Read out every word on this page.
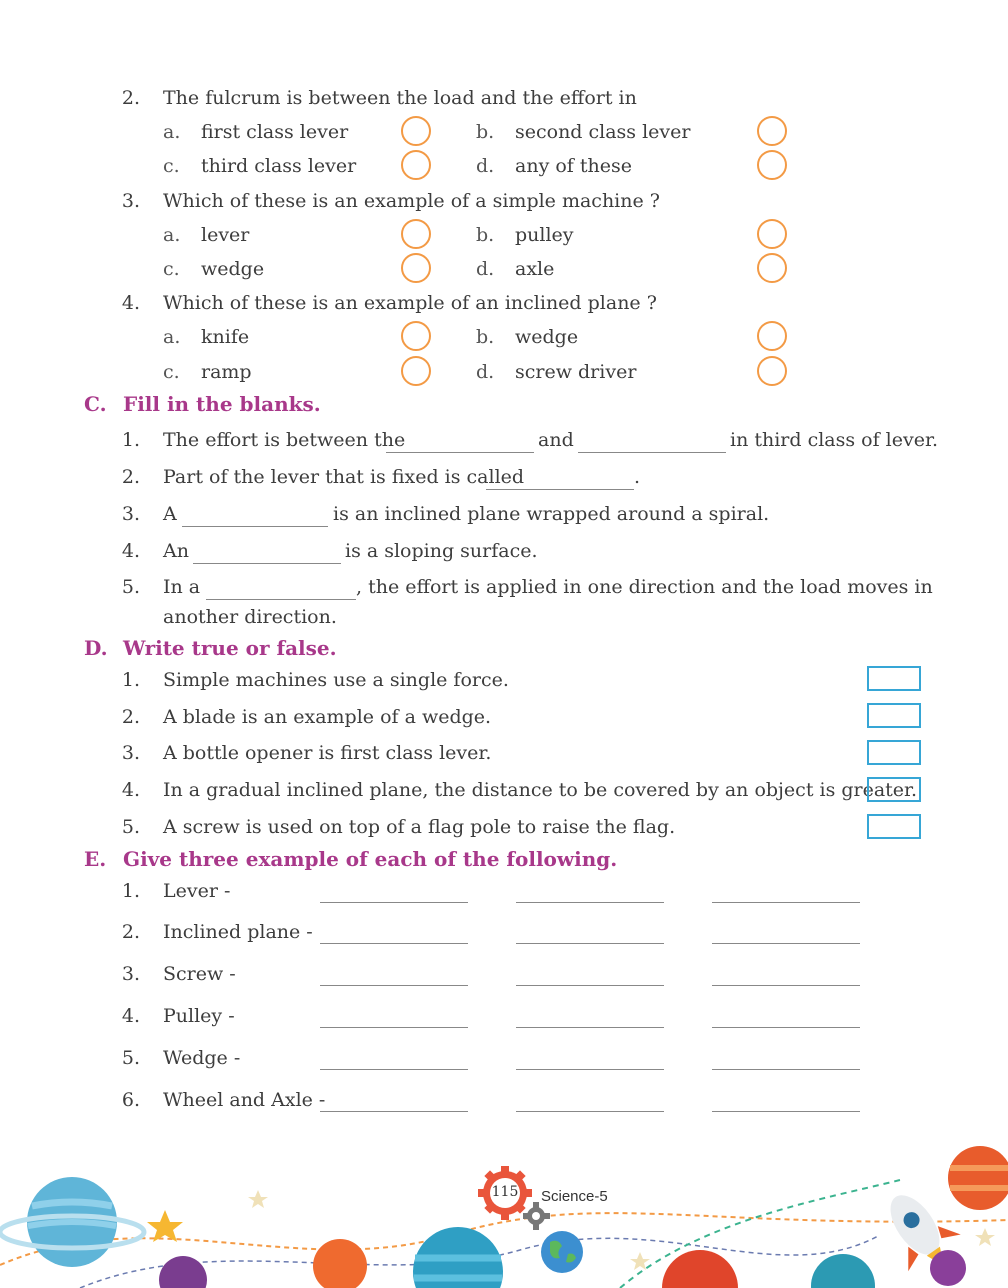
2. The fulcrum is between the load and the effort in
a. first class lever	b. second class lever
c. third class lever	d. any of these
3. Which of these is an example of a simple machine ?
a. lever	b. pulley
c. wedge	d. axle
4. Which of these is an example of an inclined plane ?
a. knife	b. wedge
c. ramp	d. screw driver
C. Fill in the blanks.
1. The effort is between the	and	in third class of lever.
2. Part of the lever that is fixed is called	.
3. A	is an inclined plane wrapped around a spiral.
4. An	is a sloping surface.
5. In a	, the effort is applied in one direction and the load moves in
another direction.
D. Write true or false.
1. Simple machines use a single force.
2. A blade is an example of a wedge.
3. A bottle opener is first class lever.
4. In a gradual inclined plane, the distance to be covered by an object is greater.
5. A screw is used on top of a flag pole to raise the flag.
E. Give three example of each of the following.
1. Lever -
2. Inclined plane -
3. Screw -
4. Pulley -
5. Wedge -
6. Wheel and Axle -
115 Science-5
